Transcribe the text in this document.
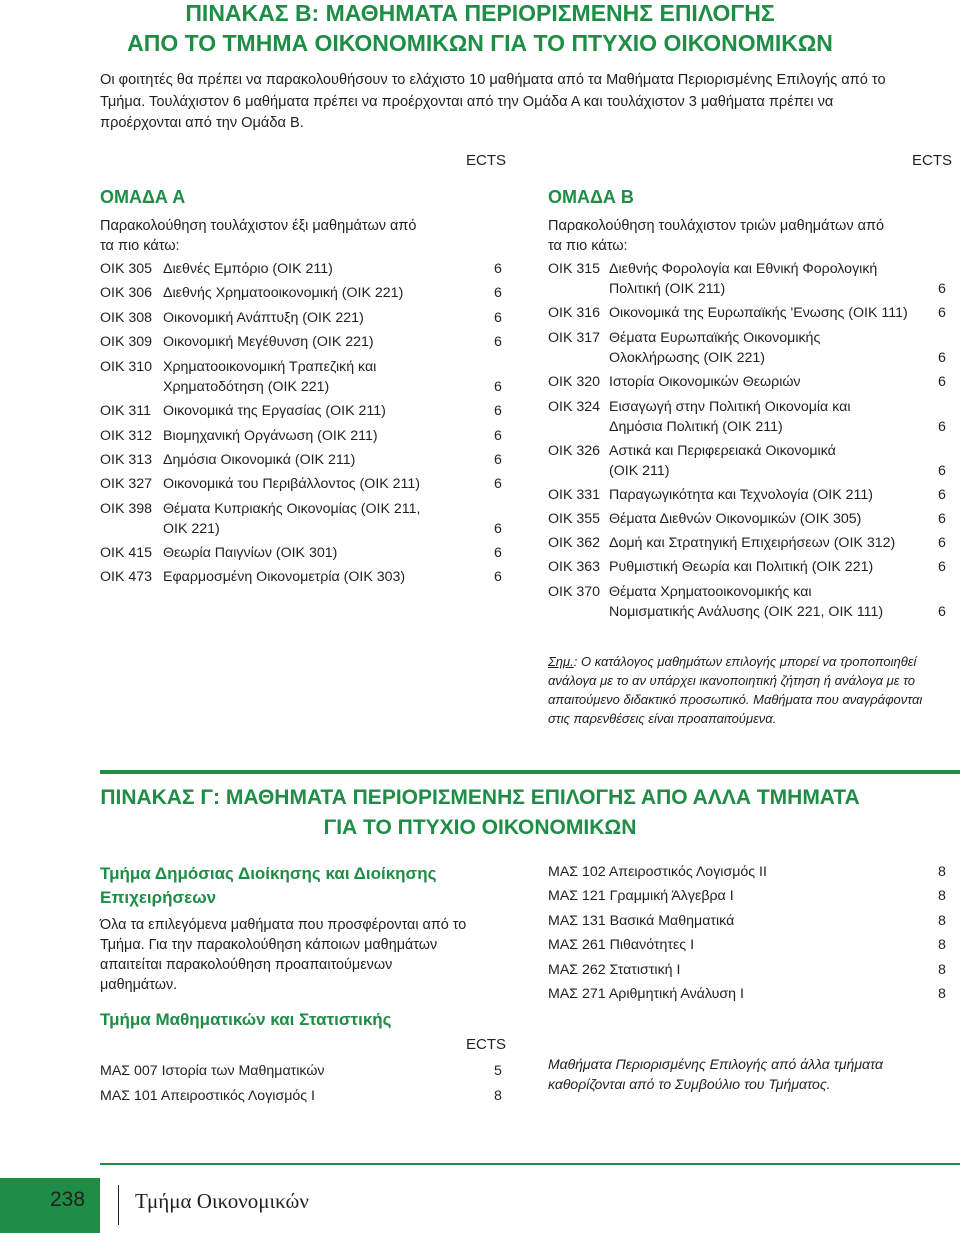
ΠΙΝΑΚΑΣ Β: ΜΑΘΗΜΑΤΑ ΠΕΡΙΟΡΙΣΜΕΝΗΣ ΕΠΙΛΟΓΗΣ
ΑΠΟ ΤΟ ΤΜΗΜΑ ΟΙΚΟΝΟΜΙΚΩΝ ΓΙΑ ΤΟ ΠΤΥΧΙΟ ΟΙΚΟΝΟΜΙΚΩΝ
Οι φοιτητές θα πρέπει να παρακολουθήσουν το ελάχιστο 10 μαθήματα από τα Μαθήματα Περιορισμένης Επιλογής από το
Τμήμα. Τουλάχιστον 6 μαθήματα πρέπει να προέρχονται από την Ομάδα Α και τουλάχιστον 3 μαθήματα πρέπει να
προέρχονται από την Ομάδα Β.
ECTS	ECTS
ΟΜΑΔΑ Α
Παρακολούθηση τουλάχιστον έξι μαθημάτων από
τα πιο κάτω:
ΟΙΚ 305 Διεθνές Εμπόριο (ΟΙΚ 211)	6
ΟΙΚ 306 Διεθνής Χρηματοοικονομική (ΟΙΚ 221)	6
ΟΙΚ 308 Οικονομική Ανάπτυξη (ΟΙΚ 221)	6
ΟΙΚ 309 Οικονομική Μεγέθυνση (ΟΙΚ 221)	6
ΟΙΚ 310 Χρηματοοικονομική Τραπεζική και
Χρηματοδότηση (ΟΙΚ 221)	6
ΟΙΚ 311 Οικονομικά της Εργασίας (ΟΙΚ 211)	6
ΟΙΚ 312 Βιομηχανική Οργάνωση (ΟΙΚ 211)	6
ΟΙΚ 313 Δημόσια Οικονομικά (ΟΙΚ 211)	6
ΟΙΚ 327 Οικονομικά του Περιβάλλοντος (ΟΙΚ 211)	6
ΟΙΚ 398 Θέματα Κυπριακής Οικονομίας (ΟΙΚ 211,
ΟΙΚ 221)	6
ΟΙΚ 415 Θεωρία Παιγνίων (ΟΙΚ 301)	6
ΟΙΚ 473 Εφαρμοσμένη Οικονομετρία (ΟΙΚ 303)	6
ΟΜΑΔΑ Β
Παρακολούθηση τουλάχιστον τριών μαθημάτων από
τα πιο κάτω:
ΟΙΚ 315 Διεθνής Φορολογία και Εθνική Φορολογική
Πολιτική (ΟΙΚ 211)	6
ΟΙΚ 316 Οικονομικά της Ευρωπαϊκής 'Ενωσης (ΟΙΚ 111) 6
ΟΙΚ 317 Θέματα Ευρωπαϊκής Οικονομικής
Ολοκλήρωσης (ΟΙΚ 221)	6
ΟΙΚ 320 Ιστορία Οικονομικών Θεωριών	6
ΟΙΚ 324 Εισαγωγή στην Πολιτική Οικονομία και
Δημόσια Πολιτική (ΟΙΚ 211)	6
ΟΙΚ 326 Αστικά και Περιφερειακά Οικονομικά
(ΟΙΚ 211)	6
ΟΙΚ 331 Παραγωγικότητα και Τεχνολογία (ΟΙΚ 211)	6
ΟΙΚ 355 Θέματα Διεθνών Οικονομικών (ΟΙΚ 305)	6
ΟΙΚ 362 Δομή και Στρατηγική Επιχειρήσεων (ΟΙΚ 312)	6
ΟΙΚ 363 Ρυθμιστική Θεωρία και Πολιτική (ΟΙΚ 221)	6
ΟΙΚ 370 Θέματα Χρηματοοικονομικής και
Νομισματικής Ανάλυσης (ΟΙΚ 221, ΟΙΚ 111)	6
Σημ.: Ο κατάλογος μαθημάτων επιλογής μπορεί να τροποποιηθεί
ανάλογα με το αν υπάρχει ικανοποιητική ζήτηση ή ανάλογα με το
απαιτούμενο διδακτικό προσωπικό. Μαθήματα που αναγράφονται
στις παρενθέσεις είναι προαπαιτούμενα.
ΠΙΝΑΚΑΣ Γ: ΜΑΘΗΜΑΤΑ ΠΕΡΙΟΡΙΣΜΕΝΗΣ ΕΠΙΛΟΓΗΣ ΑΠΟ ΑΛΛΑ ΤΜΗΜΑΤΑ
ΓΙΑ ΤΟ ΠΤΥΧΙΟ ΟΙΚΟΝΟΜΙΚΩΝ
Τμήμα Δημόσιας Διοίκησης και Διοίκησης
Επιχειρήσεων
Όλα τα επιλεγόμενα μαθήματα που προσφέρονται από το
Τμήμα. Για την παρακολούθηση κάποιων μαθημάτων
απαιτείται παρακολούθηση προαπαιτούμενων
μαθημάτων.
Τμήμα Μαθηματικών και Στατιστικής
ECTS
ΜΑΣ 007 Ιστορία των Μαθηματικών	5
ΜΑΣ 101 Απειροστικός Λογισμός Ι	8
ΜΑΣ 102 Απειροστικός Λογισμός ΙΙ	8
ΜΑΣ 121 Γραμμική Άλγεβρα Ι	8
ΜΑΣ 131 Βασικά Μαθηματικά	8
ΜΑΣ 261 Πιθανότητες Ι	8
ΜΑΣ 262 Στατιστική Ι	8
ΜΑΣ 271 Αριθμητική Ανάλυση Ι	8
Μαθήματα Περιορισμένης Επιλογής από άλλα τμήματα
καθορίζονται από το Συμβούλιο του Τμήματος.
238	Τμήμα Οικονομικών
